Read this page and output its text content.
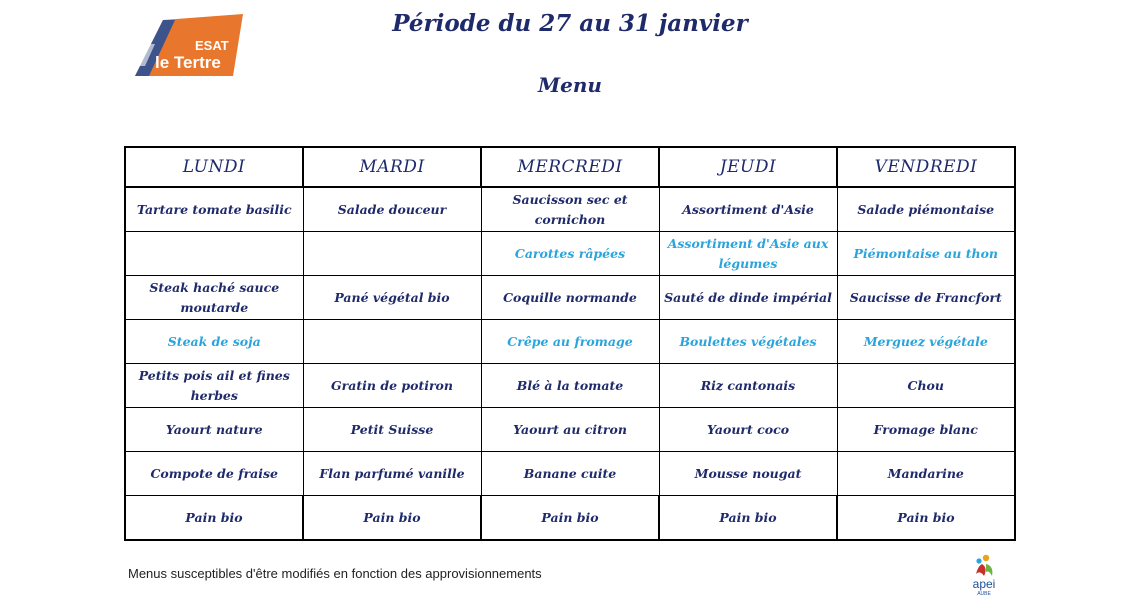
ESAT
le Tertre
Période du 27 au 31 janvier
Menu
LUNDI	MARDI	MERCREDI	JEUDI	VENDREDI
Tartare tomate basilic	Salade douceur	Saucisson sec et cornichon	Assortiment d'Asie	Salade piémontaise
		Carottes râpées	Assortiment d'Asie aux légumes	Piémontaise au thon
Steak haché sauce moutarde	Pané végétal bio	Coquille normande	Sauté de dinde impérial	Saucisse de Francfort
Steak de soja		Crêpe au fromage	Boulettes végétales	Merguez végétale
Petits pois ail et fines herbes	Gratin de potiron	Blé à la tomate	Riz cantonais	Chou
Yaourt nature	Petit Suisse	Yaourt au citron	Yaourt coco	Fromage blanc
Compote de fraise	Flan parfumé vanille	Banane cuite	Mousse nougat	Mandarine
Pain bio	Pain bio	Pain bio	Pain bio	Pain bio
Menus susceptibles d'être modifiés en fonction des approvisionnements
apei
AUBE
